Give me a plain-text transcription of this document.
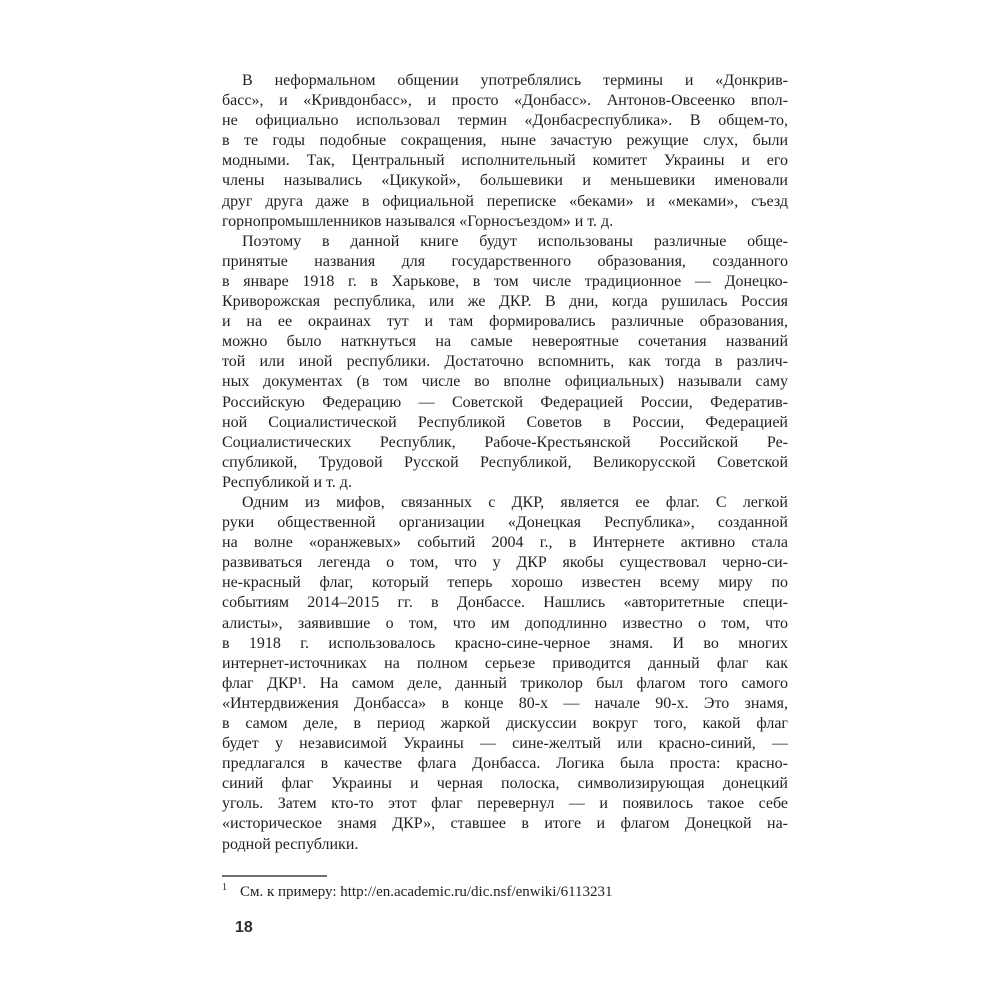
В неформальном общении употреблялись термины и «Донкрив-
басс», и «Кривдонбасс», и просто «Донбасс». Антонов-Овсеенко впол-
не официально использовал термин «Донбасреспублика». В общем-то,
в те годы подобные сокращения, ныне зачастую режущие слух, были
модными. Так, Центральный исполнительный комитет Украины и его
члены назывались «Цикукой», большевики и меньшевики именовали
друг друга даже в официальной переписке «беками» и «меками», съезд
горнопромышленников назывался «Горносъездом» и т. д.
Поэтому в данной книге будут использованы различные обще-
принятые названия для государственного образования, созданного
в январе 1918 г. в Харькове, в том числе традиционное — Донецко-
Криворожская республика, или же ДКР. В дни, когда рушилась Россия
и на ее окраинах тут и там формировались различные образования,
можно было наткнуться на самые невероятные сочетания названий
той или иной республики. Достаточно вспомнить, как тогда в различ-
ных документах (в том числе во вполне официальных) называли саму
Российскую Федерацию — Советской Федерацией России, Федератив-
ной Социалистической Республикой Советов в России, Федерацией
Социалистических Республик, Рабоче-Крестьянской Российской Ре-
спубликой, Трудовой Русской Республикой, Великорусской Советской
Республикой и т. д.
Одним из мифов, связанных с ДКР, является ее флаг. С легкой
руки общественной организации «Донецкая Республика», созданной
на волне «оранжевых» событий 2004 г., в Интернете активно стала
развиваться легенда о том, что у ДКР якобы существовал черно-си-
не-красный флаг, который теперь хорошо известен всему миру по
событиям 2014–2015 гг. в Донбассе. Нашлись «авторитетные специ-
алисты», заявившие о том, что им доподлинно известно о том, что
в 1918 г. использовалось красно-сине-черное знамя. И во многих
интернет-источниках на полном серьезе приводится данный флаг как
флаг ДКР¹. На самом деле, данный триколор был флагом того самого
«Интердвижения Донбасса» в конце 80-х — начале 90-х. Это знамя,
в самом деле, в период жаркой дискуссии вокруг того, какой флаг
будет у независимой Украины — сине-желтый или красно-синий, —
предлагался в качестве флага Донбасса. Логика была проста: красно-
синий флаг Украины и черная полоска, символизирующая донецкий
уголь. Затем кто-то этот флаг перевернул — и появилось такое себе
«историческое знамя ДКР», ставшее в итоге и флагом Донецкой на-
родной республики.
$^1$ См. к примеру: http://en.academic.ru/dic.nsf/enwiki/6113231
18
